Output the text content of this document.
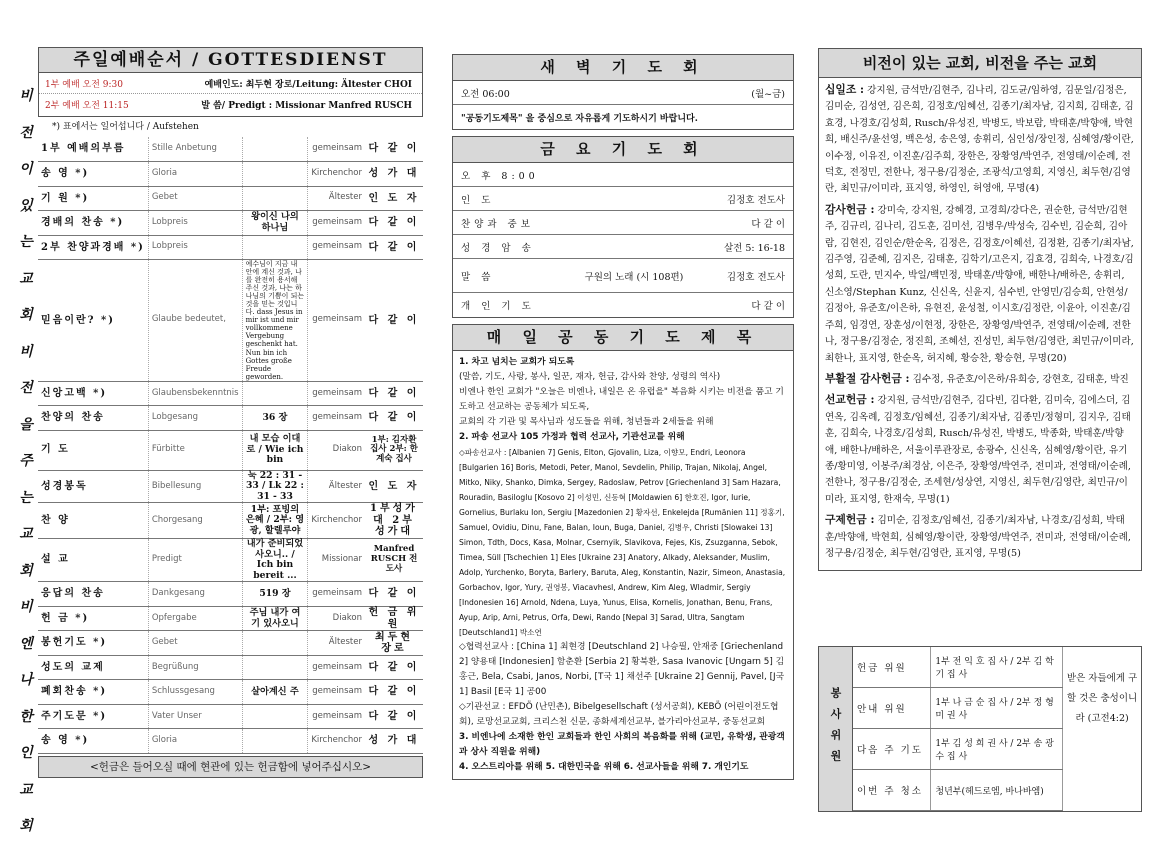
비
전
이
있
는
교
회
비
전
을
주
는
교
회
비
엔
나
한
인
교
회
주일예배순서 / GOTTESDIENST
1부 예배 오전 9:30	예배인도: 최두현 장로/Leitung: Ältester CHOI
2부 예배 오전 11:15	발 씀/ Predigt : Missionar Manfred RUSCH
*) 표에서는 일어섭니다 / Aufstehen
1부 예배의부름	Stille Anbetung		gemeinsam	다 같 이
송 영 *)	Gloria		Kirchenchor	성 가 대
기 원 *)	Gebet		Ältester	인 도 자
경배의 찬송 *)	Lobpreis	왕이신 나의 하나님	gemeinsam	다 같 이
2부 찬양과경배 *)	Lobpreis		gemeinsam	다 같 이
믿음이란? *)	Glaube bedeutet,	예수님이 지금 내 안에 계신 것과, 나를 완전히 용서해 주신 것과, 나는 하나님의 기쁨이 되는 것을 믿는 것입니다. dass Jesus in mir ist und mir vollkommene Vergebung geschenkt hat. Nun bin ich Gottes große Freude geworden.	gemeinsam	다 같 이
신앙고백 *)	Glaubensbekenntnis		gemeinsam	다 같 이
찬양의 찬송	Lobgesang	36 장	gemeinsam	다 같 이
기 도	Fürbitte	내 모습 이대로 / Wie ich bin	Diakon	1부: 김자환 집사 2부: 한계숙 집사
성경봉독	Bibellesung	눅 22 : 31 - 33 / Lk 22 : 31 - 33	Ältester	인 도 자
찬 양	Chorgesang	1부: 포빙의 은혜 / 2부: 영광, 할렐루야	Kirchenchor	1부성가대 2부성가대
설 교	Predigt	내가 준비되었사오니.. / Ich bin bereit ...	Missionar	Manfred RUSCH 전도사
응답의 찬송	Dankgesang	519 장	gemeinsam	다 같 이
헌 금 *)	Opfergabe	주님 내가 여기 있사오니	Diakon	헌 금 위 원
봉헌기도 *)	Gebet		Ältester	최두현 장로
성도의 교제	Begrüßung		gemeinsam	다 같 이
폐회찬송 *)	Schlussgesang	살아계신 주	gemeinsam	다 같 이
주기도문 *)	Vater Unser		gemeinsam	다 같 이
송 영 *)	Gloria		Kirchenchor	성 가 대
<헌금은 들어오실 때에 현관에 있는 헌금함에 넣어주십시오>
새 벽 기 도 회
오전 06:00	(월~금)
"공동기도제목" 을 중심으로 자유롭게 기도하시기 바랍니다.
금 요 기 도 회
오 후 8:00
인 도	김정호 전도사
찬양과 중보	다 같 이
성 경 암 송	살전 5: 16-18
말 씀	구원의 노래 (시 108편)	김정호 전도사
개 인 기 도	다 같 이
매 일 공 동 기 도 제 목
1. 차고 넘치는 교회가 되도록
(말씀, 기도, 사랑, 봉사, 일꾼, 재자, 헌금, 감사와 찬양, 성령의 역사)
비엔나 한인 교회가 "오늘은 비엔나, 내일은 온 유럽을" 복음화 시키는 비전을 품고 기도하고 선교하는 공동체가 되도록,
교회의 각 기관 및 목사님과 성도들을 위해, 청년들과 2세들을 위해
2. 파송 선교사 105 가정과 협력 선교사, 기관선교를 위해
◇파송선교사 : [Albanien 7] Genis, Elton, Gjovalin, Liza, 이향모, Endri, Leonora [Bulgarien 16] Boris, Metodi, Peter, Manol, Sevdelin, Philip, Trajan, Nikolaj, Angel, Mitko, Niky, Shanko, Dimka, Sergey, Radoslaw, Petrov [Griechenland 3] Sam Hazara, Rouradin, Basiloglu [Kosovo 2] 이성민, 신동혁 [Moldawien 6] 한호진, Igor, Iurie, Gornelius, Burlaku Ion, Sergiu [Mazedonien 2] 황자선, Enkelejda [Rumänien 11] 정홍기, Samuel, Ovidiu, Dinu, Fane, Balan, Ioun, Buga, Daniel, 김병우, Christi [Slowakei 13] Simon, Tdth, Docs, Kasa, Molnar, Csernyik, Slavikova, Fejes, Kis, Zsuzganna, Sebok, Timea, Süll [Tschechien 1] Eles [Ukraine 23] Anatory, Alkady, Aleksander, Muslim, Adolp, Yurchenko, Boryta, Barlery, Baruta, Aleg, Konstantin, Nazir, Simeon, Anastasia, Gorbachov, Igor, Yury, 권영봉, Viacavhesl, Andrew, Kim Aleg, Wladmir, Sergiy [Indonesien 16] Arnold, Ndena, Luya, Yunus, Elisa, Kornelis, Jonathan, Benu, Frans, Ayup, Arip, Arni, Petrus, Orfa, Dewi, Rando [Nepal 3] Sarad, Ultra, Sangtam [Deutschland1] 박소연
◇협력선교사 : [China 1] 최현경 [Deutschland 2] 나승필, 안재중 [Griechenland 2] 양용태 [Indonesien] 함춘환 [Serbia 2] 황북환, Sasa Ivanovic [Ungarn 5] 김홍근, Bela, Csabi, Janos, Norbi, [T국 1] 채선주 [Ukraine 2] Gennij, Pavel, [J국 1] Basil [E국 1] 공00
◇기관선교 : EFDÖ (난민촌), Bibelgesellschaft (성서공회), KEBÖ (어린이전도협회), 로망선교교회, 크리스천 신문, 종화세계선교부, 블가리아선교부, 중동선교회
3. 비엔나에 소재한 한인 교회들과 한인 사회의 복음화를 위해 (교민, 유학생, 관광객과 상사 직원을 위해)
4. 오스트리아를 위해 5. 대한민국을 위해 6. 선교사들을 위해 7. 개인기도
비전이 있는 교회, 비전을 주는 교회

십일조 : 강지원, 금석만/김현주, 김나리, 김도균/임하영, 김문일/김정은, 김미순, 김성연, 김은희, 김정호/임혜선, 김종기/최자남, 김지희, 김태훈, 김효경, 나경호/김성희, Rusch/유성진, 박병도, 박보람, 박태훈/박향애, 박현희, 배신주/윤선영, 백은성, 송은영, 송휘리, 심인성/장인정, 심혜영/황이란, 이수정, 이유진, 이진훈/김주희, 장한은, 장황영/박연주, 전영태/이순례, 전덕호, 전정민, 전한나, 정구용/김정순, 조광석/고영희, 지영신, 최두현/김영란, 최민규/이미라, 표지영, 하영인, 허영애, 무명(4)

감사헌금 : 강미숙, 강지원, 강혜경, 고경희/강다은, 권순한, 금석만/김현주, 김규리, 김나리, 김도훈, 김미선, 김병우/박성숙, 김수빈, 김순희, 김아람, 김현진, 김인순/한순옥, 김정은, 김정호/이혜선, 김정환, 김종기/최자남, 김주영, 김준혜, 김지은, 김태훈, 김학기/고은지, 김효경, 김희숙, 나경호/김성희, 도란, 민지수, 박일/백민정, 박태훈/박향애, 배한나/배하은, 송휘리, 신소영/Stephan Kunz, 신신옥, 신윤지, 심수빈, 안영민/김승희, 안현성/김정아, 유준호/이은하, 유현진, 윤성철, 이시호/김정란, 이윤아, 이진훈/김주희, 임경연, 장훈성/이현정, 장한은, 장황영/박연주, 전영태/이순례, 전한나, 정구용/김정순, 정진희, 조혜선, 진성민, 최두현/김영란, 최민규/이미라, 최한나, 표지영, 한순옥, 허지혜, 황승찬, 황승현, 무명(20)

부활절 감사헌금 : 김수정, 유준호/이은하/유희승, 강현호, 김태훈, 박진

선교헌금 : 강지원, 금석만/김현주, 김다빈, 김다환, 김미숙, 김에스더, 김연옥, 김옥례, 김정호/임혜선, 김종기/최자남, 김종민/정형미, 김지우, 김태훈, 김희숙, 나경호/김성희, Rusch/유성진, 박병도, 박종화, 박태훈/박향애, 배한나/배하은, 서울이루관장로, 송광수, 신신옥, 심혜영/황이란, 유기종/황미영, 이봉주/최경삼, 이은주, 장황영/박연주, 전미과, 전영태/이순례, 전한나, 정구용/김정순, 조세현/성상연, 지영신, 최두현/김영란, 최민규/이미라, 표지영, 한재숙, 무명(1)

구제헌금 : 김미순, 김정호/임혜선, 김종기/최자남, 나경호/김성희, 박태훈/박향애, 박현희, 심혜영/황이란, 장황영/박연주, 전미과, 전영태/이순례, 정구용/김정순, 최두현/김영란, 표지영, 무명(5)

봉사위원
헌금 위원	1부 전 익 호 집 사 / 2부 김 학 기 집 사
안내 위원	1부 나 금 순 집 사 / 2부 정 형 미 권 사
다음 주 기도	1부 김 성 희 권 사 / 2부 송 광 수 집 사
이번 주 청소	청년부(헤드로엠, 바나바엠)
받은 자들에게 구할 것은 충성이니라 (고전4:2)
